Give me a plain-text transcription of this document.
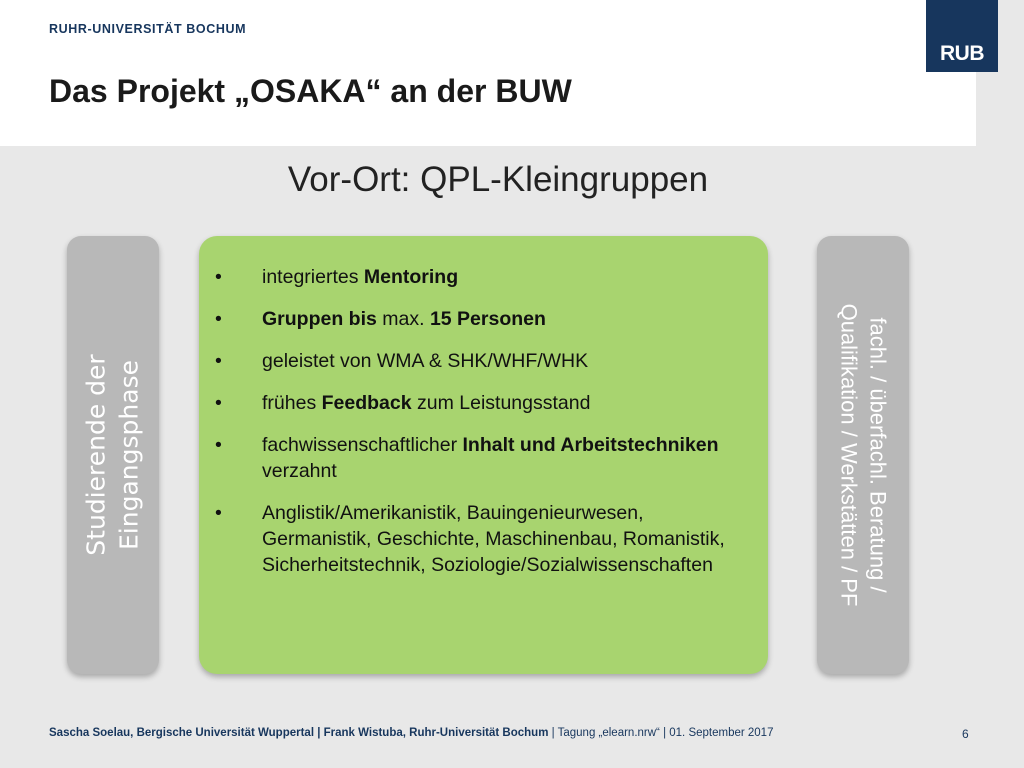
RUHR-UNIVERSITÄT BOCHUM
RUB
Das Projekt „OSAKA“ an der BUW
Vor-Ort: QPL-Kleingruppen
Studierende der Eingangsphase
•	integriertes Mentoring
•	Gruppen bis max. 15 Personen
•	geleistet von WMA & SHK/WHF/WHK
•	frühes Feedback zum Leistungsstand
•	fachwissenschaftlicher Inhalt und Arbeitstechniken verzahnt
•	Anglistik/Amerikanistik, Bauingenieurwesen, Germanistik, Geschichte, Maschinenbau, Romanistik, Sicherheitstechnik, Soziologie/Sozialwissenschaften	fachl. / überfachl. Beratung /
Qualifikation / Werkstätten / PF
Sascha Soelau, Bergische Universität Wuppertal | Frank Wistuba, Ruhr-Universität Bochum | Tagung „elearn.nrw“ | 01. September 2017	6
